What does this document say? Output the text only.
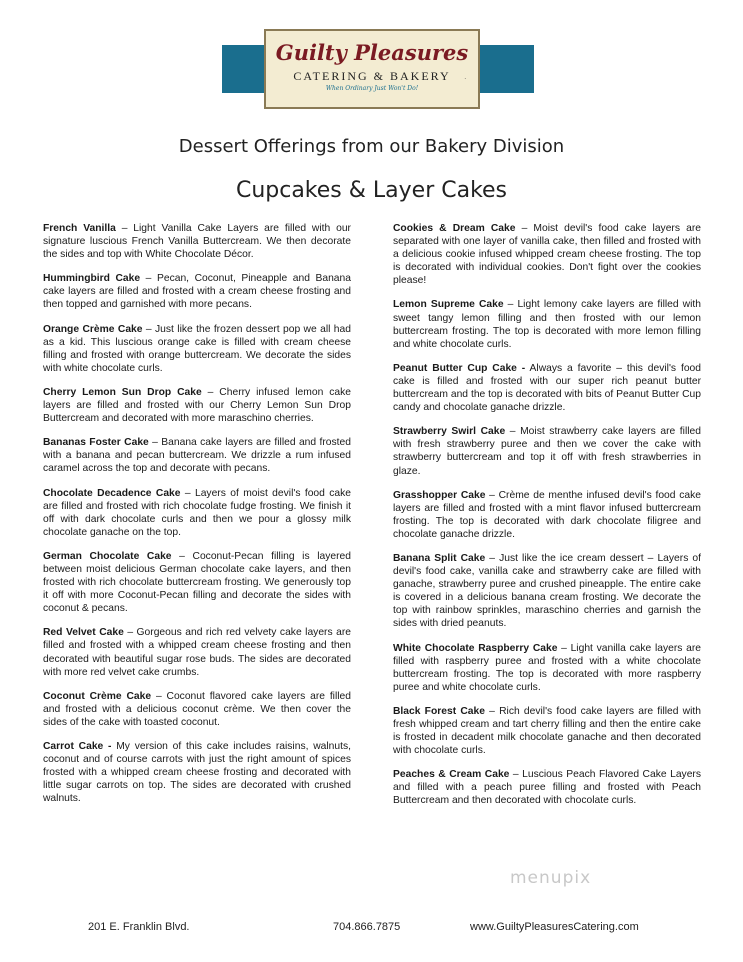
Guilty Pleasures
CATERING & BAKERY
When Ordinary Just Won't Do!
.
Dessert Offerings from our Bakery Division
Cupcakes & Layer Cakes

French Vanilla – Light Vanilla Cake Layers are filled with our signature luscious French Vanilla Buttercream. We then decorate the sides and top with White Chocolate Décor.

Hummingbird Cake – Pecan, Coconut, Pineapple and Banana cake layers are filled and frosted with a cream cheese frosting and then topped and garnished with more pecans.

Orange Crème Cake – Just like the frozen dessert pop we all had as a kid. This luscious orange cake is filled with cream cheese filling and frosted with orange buttercream. We decorate the sides with white chocolate curls.

Cherry Lemon Sun Drop Cake – Cherry infused lemon cake layers are filled and frosted with our Cherry Lemon Sun Drop Buttercream and decorated with more maraschino cherries.

Bananas Foster Cake – Banana cake layers are filled and frosted with a banana and pecan buttercream. We drizzle a rum infused caramel across the top and decorate with pecans.

Chocolate Decadence Cake – Layers of moist devil's food cake are filled and frosted with rich chocolate fudge frosting. We finish it off with dark chocolate curls and then we pour a glossy milk chocolate ganache on the top.

German Chocolate Cake – Coconut-Pecan filling is layered between moist delicious German chocolate cake layers, and then frosted with rich chocolate buttercream frosting. We generously top it off with more Coconut-Pecan filling and decorate the sides with coconut & pecans.

Red Velvet Cake – Gorgeous and rich red velvety cake layers are filled and frosted with a whipped cream cheese frosting and then decorated with beautiful sugar rose buds. The sides are decorated with more red velvet cake crumbs.

Coconut Crème Cake – Coconut flavored cake layers are filled and frosted with a delicious coconut crème. We then cover the sides of the cake with toasted coconut.

Carrot Cake - My version of this cake includes raisins, walnuts, coconut and of course carrots with just the right amount of spices frosted with a whipped cream cheese frosting and decorated with little sugar carrots on top. The sides are decorated with crushed walnuts.

Cookies & Dream Cake – Moist devil's food cake layers are separated with one layer of vanilla cake, then filled and frosted with a delicious cookie infused whipped cream cheese frosting. The top is decorated with individual cookies. Don't fight over the cookies please!

Lemon Supreme Cake – Light lemony cake layers are filled with sweet tangy lemon filling and then frosted with our lemon buttercream frosting. The top is decorated with more lemon filling and white chocolate curls.

Peanut Butter Cup Cake - Always a favorite – this devil's food cake is filled and frosted with our super rich peanut butter buttercream and the top is decorated with bits of Peanut Butter Cup candy and chocolate ganache drizzle.

Strawberry Swirl Cake – Moist strawberry cake layers are filled with fresh strawberry puree and then we cover the cake with strawberry buttercream and top it off with fresh strawberries in glaze.

Grasshopper Cake – Crème de menthe infused devil's food cake layers are filled and frosted with a mint flavor infused buttercream frosting. The top is decorated with dark chocolate filigree and chocolate ganache drizzle.

Banana Split Cake – Just like the ice cream dessert – Layers of devil's food cake, vanilla cake and strawberry cake are filled with ganache, strawberry puree and crushed pineapple. The entire cake is covered in a delicious banana cream frosting. We decorate the top with rainbow sprinkles, maraschino cherries and garnish the sides with dried peanuts.

White Chocolate Raspberry Cake – Light vanilla cake layers are filled with raspberry puree and frosted with a white chocolate buttercream frosting. The top is decorated with more raspberry puree and white chocolate curls.

Black Forest Cake – Rich devil's food cake layers are filled with fresh whipped cream and tart cherry filling and then the entire cake is frosted in decadent milk chocolate ganache and then decorated with chocolate curls.

Peaches & Cream Cake – Luscious Peach Flavored Cake Layers and filled with a peach puree filling and frosted with Peach Buttercream and then decorated with chocolate curls.

menupix
201 E. Franklin Blvd.	704.866.7875	www.GuiltyPleasuresCatering.com
